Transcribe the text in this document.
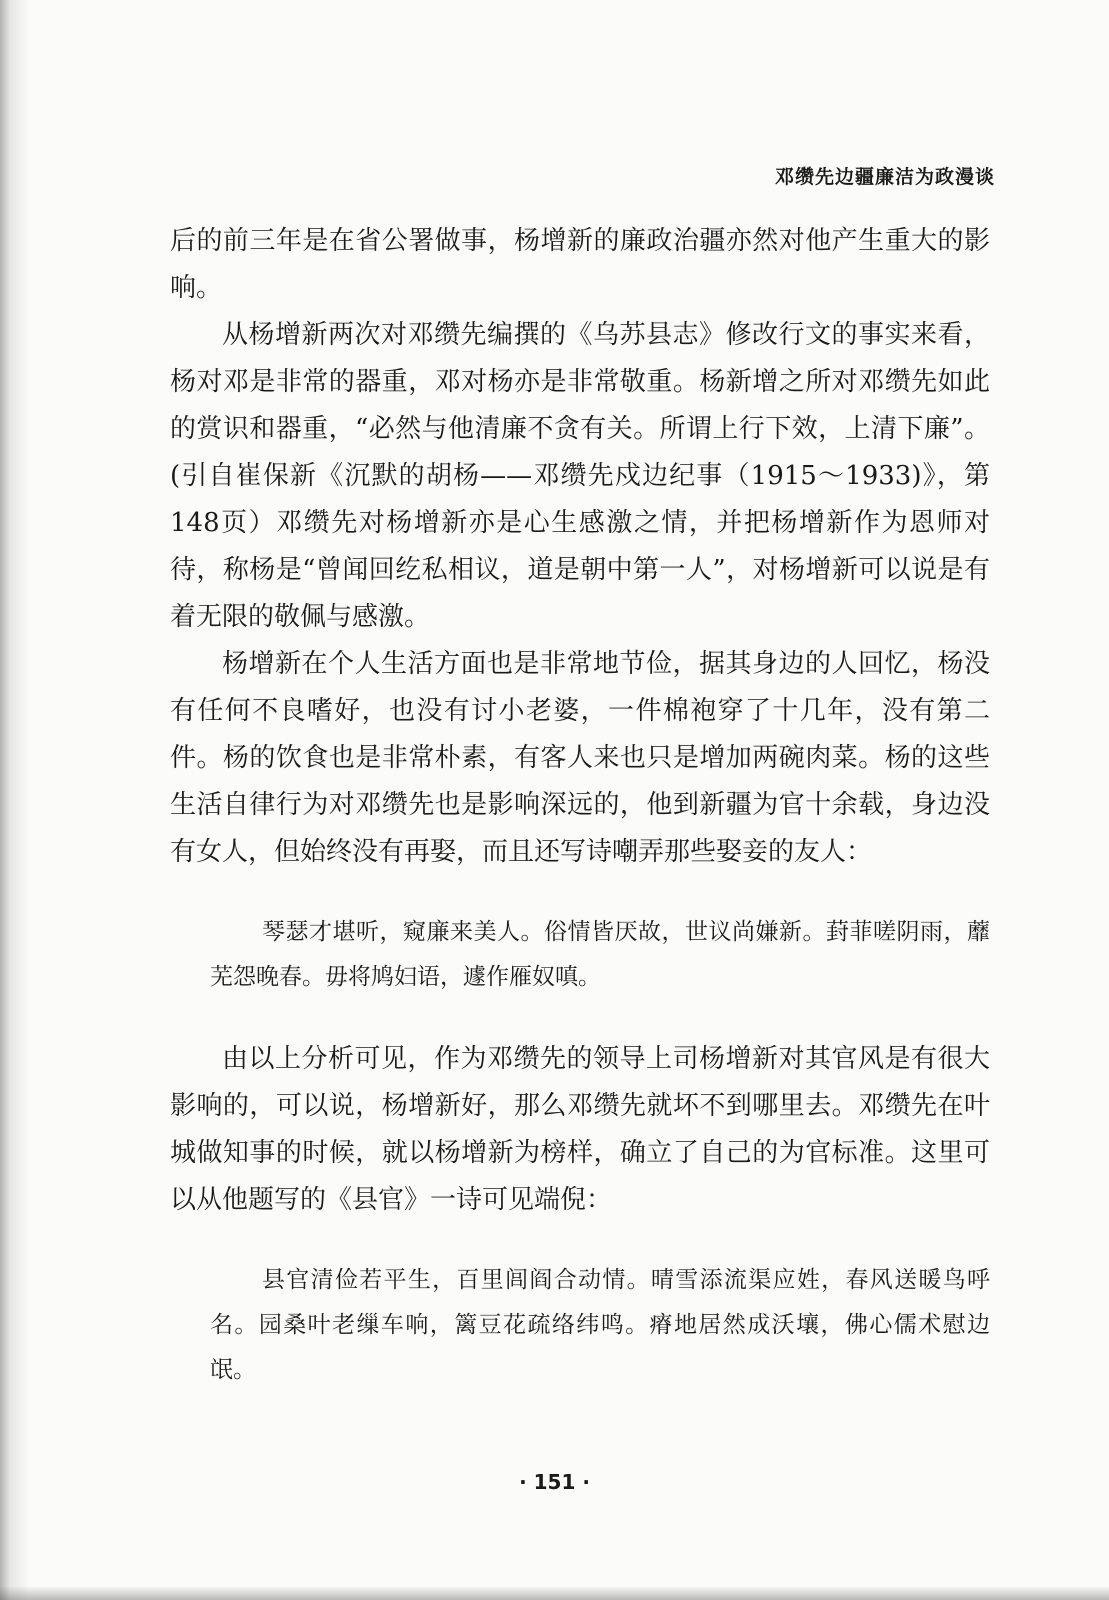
邓缵先边疆廉洁为政漫谈

后的前三年是在省公署做事，杨增新的廉政治疆亦然对他产生重大的影响。

从杨增新两次对邓缵先编撰的《乌苏县志》修改行文的事实来看，杨对邓是非常的器重，邓对杨亦是非常敬重。杨新增之所对邓缵先如此的赏识和器重，“必然与他清廉不贪有关。所谓上行下效，上清下廉”。(引自崔保新《沉默的胡杨——邓缵先戍边纪事（1915～1933)》，第148页）邓缵先对杨增新亦是心生感激之情，并把杨增新作为恩师对待，称杨是“曾闻回纥私相议，道是朝中第一人”，对杨增新可以说是有着无限的敬佩与感激。

杨增新在个人生活方面也是非常地节俭，据其身边的人回忆，杨没有任何不良嗜好，也没有讨小老婆，一件棉袍穿了十几年，没有第二件。杨的饮食也是非常朴素，有客人来也只是增加两碗肉菜。杨的这些生活自律行为对邓缵先也是影响深远的，他到新疆为官十余载，身边没有女人，但始终没有再娶，而且还写诗嘲弄那些娶妾的友人：

琴瑟才堪听，窥廉来美人。俗情皆厌故，世议尚嫌新。葑菲嗟阴雨，蘼芜怨晚春。毋将鸠妇语，遽作雁奴嗔。

由以上分析可见，作为邓缵先的领导上司杨增新对其官风是有很大影响的，可以说，杨增新好，那么邓缵先就坏不到哪里去。邓缵先在叶城做知事的时候，就以杨增新为榜样，确立了自己的为官标准。这里可以从他题写的《县官》一诗可见端倪：

县官清俭若平生，百里闾阎合动情。晴雪添流渠应姓，春风送暖鸟呼名。园桑叶老缫车响，篱豆花疏络纬鸣。瘠地居然成沃壤，佛心儒术慰边氓。

· 151 ·
